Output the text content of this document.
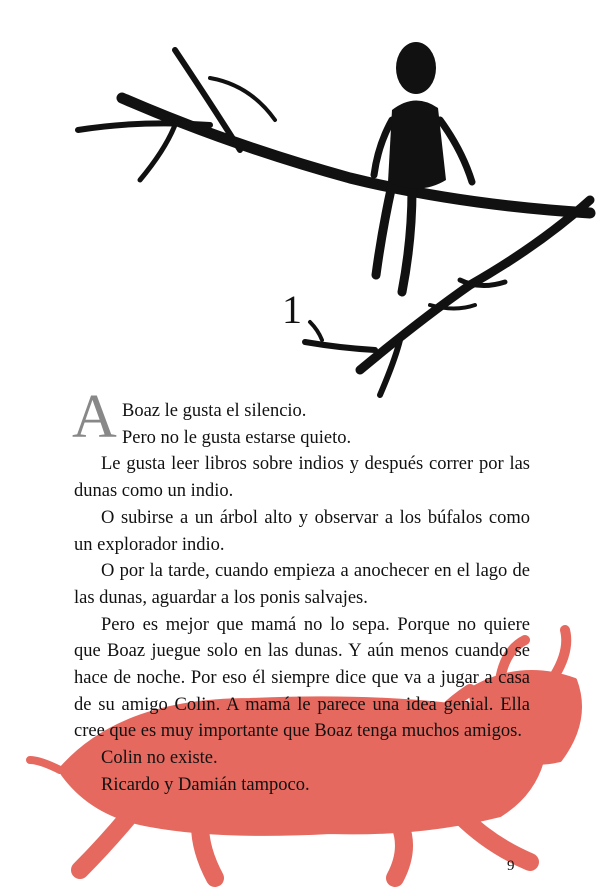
1
A Boaz le gusta el silencio.

Pero no le gusta estarse quieto.

Le gusta leer libros sobre indios y después correr por las dunas como un indio.

O subirse a un árbol alto y observar a los búfalos como un explorador indio.

O por la tarde, cuando empieza a anochecer en el lago de las dunas, aguardar a los ponis salvajes.

Pero es mejor que mamá no lo sepa. Porque no quiere que Boaz juegue solo en las dunas. Y aún menos cuando se hace de noche. Por eso él siempre dice que va a jugar a casa de su amigo Colin. A mamá le parece una idea genial. Ella cree que es muy importante que Boaz tenga muchos amigos.

Colin no existe.

Ricardo y Damián tampoco.

9
